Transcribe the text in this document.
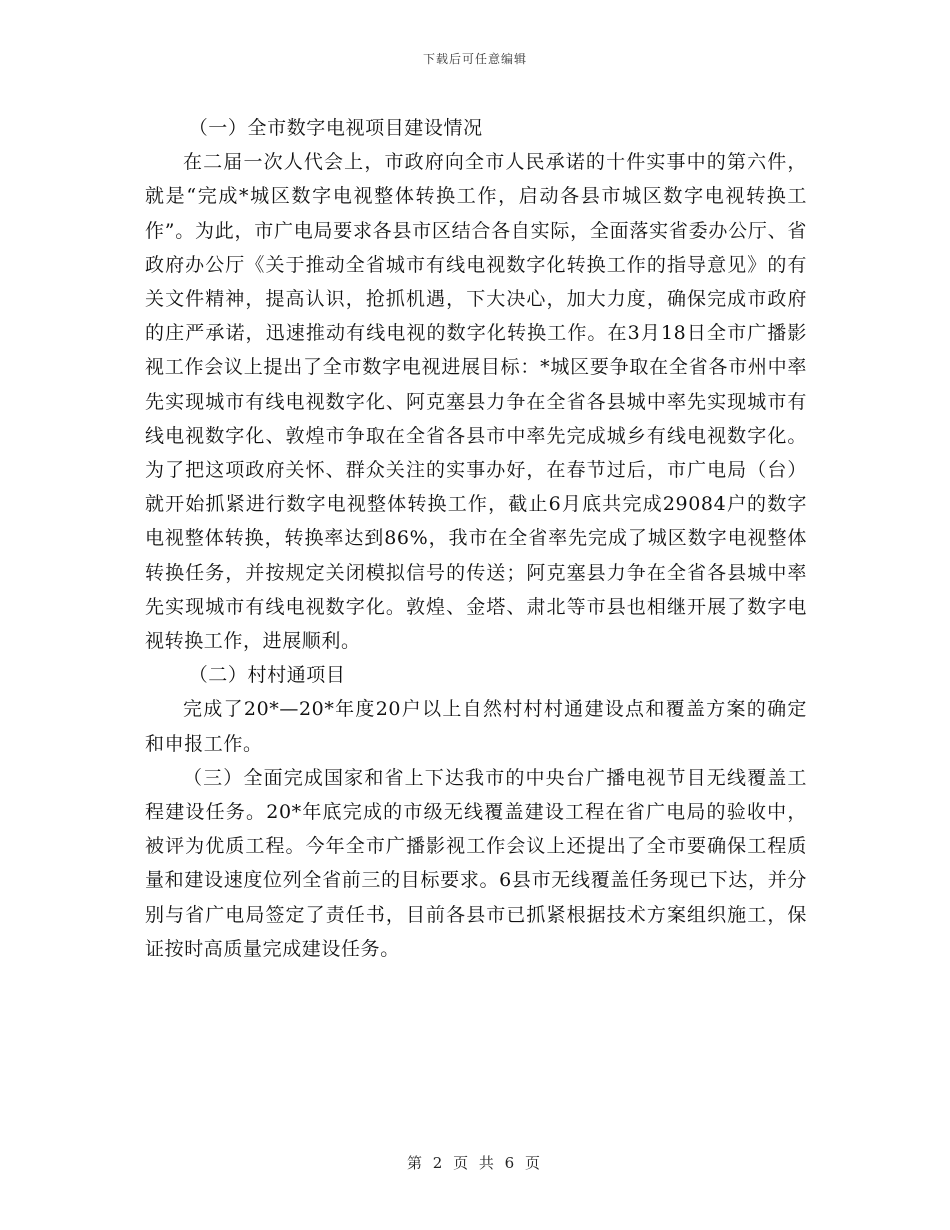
下载后可任意编辑

（一）全市数字电视项目建设情况

在二届一次人代会上，市政府向全市人民承诺的十件实事中的第六件，就是“完成*城区数字电视整体转换工作，启动各县市城区数字电视转换工作”。为此，市广电局要求各县市区结合各自实际，全面落实省委办公厅、省政府办公厅《关于推动全省城市有线电视数字化转换工作的指导意见》的有关文件精神，提高认识，抢抓机遇，下大决心，加大力度，确保完成市政府的庄严承诺，迅速推动有线电视的数字化转换工作。在3月18日全市广播影视工作会议上提出了全市数字电视进展目标：*城区要争取在全省各市州中率先实现城市有线电视数字化、阿克塞县力争在全省各县城中率先实现城市有线电视数字化、敦煌市争取在全省各县市中率先完成城乡有线电视数字化。为了把这项政府关怀、群众关注的实事办好，在春节过后，市广电局（台）就开始抓紧进行数字电视整体转换工作，截止6月底共完成29084户的数字电视整体转换，转换率达到86%，我市在全省率先完成了城区数字电视整体转换任务，并按规定关闭模拟信号的传送；阿克塞县力争在全省各县城中率先实现城市有线电视数字化。敦煌、金塔、肃北等市县也相继开展了数字电视转换工作，进展顺利。

（二）村村通项目

完成了20*—20*年度20户以上自然村村村通建设点和覆盖方案的确定和申报工作。

（三）全面完成国家和省上下达我市的中央台广播电视节目无线覆盖工程建设任务。20*年底完成的市级无线覆盖建设工程在省广电局的验收中，被评为优质工程。今年全市广播影视工作会议上还提出了全市要确保工程质量和建设速度位列全省前三的目标要求。6县市无线覆盖任务现已下达，并分别与省广电局签定了责任书，目前各县市已抓紧根据技术方案组织施工，保证按时高质量完成建设任务。

第 2 页 共 6 页
